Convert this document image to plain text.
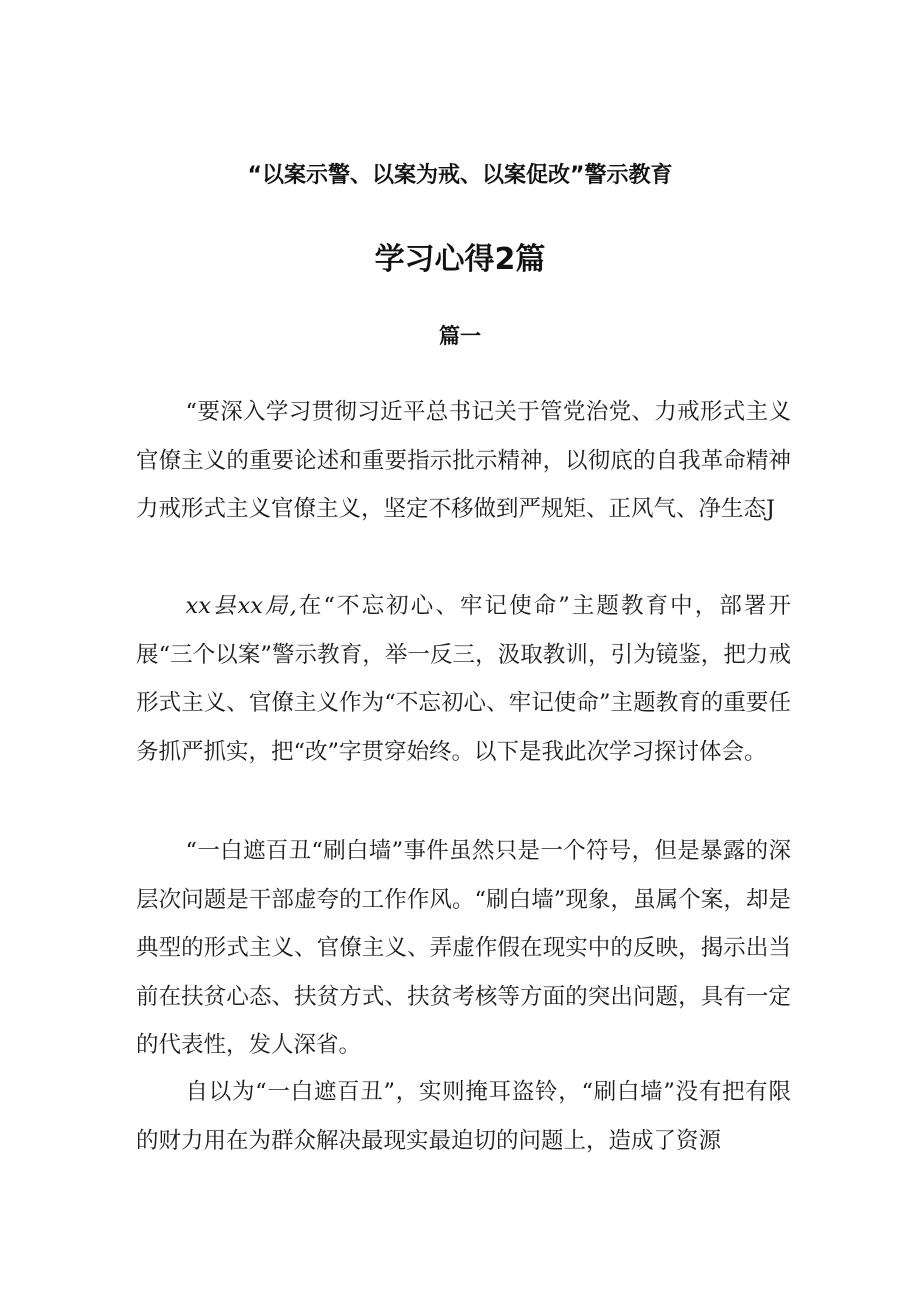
“以案示警、以案为戒、以案促改”警示教育
学习心得2篇
篇一

“要深入学习贯彻习近平总书记关于管党治党、力戒形式主义官僚主义的重要论述和重要指示批示精神，以彻底的自我革命精神力戒形式主义官僚主义，坚定不移做到严规矩、正风气、净生态J

xx县xx局,在“不忘初心、牢记使命”主题教育中，部署开展“三个以案”警示教育，举一反三，汲取教训，引为镜鉴，把力戒形式主义、官僚主义作为“不忘初心、牢记使命”主题教育的重要任务抓严抓实，把“改”字贯穿始终。以下是我此次学习探讨体会。

“一白遮百丑“刷白墙”事件虽然只是一个符号，但是暴露的深层次问题是干部虚夸的工作作风。“刷白墙”现象，虽属个案，却是典型的形式主义、官僚主义、弄虚作假在现实中的反映，揭示出当前在扶贫心态、扶贫方式、扶贫考核等方面的突出问题，具有一定的代表性，发人深省。

自以为“一白遮百丑”，实则掩耳盗铃，“刷白墙”没有把有限的财力用在为群众解决最现实最迫切的问题上，造成了资源
